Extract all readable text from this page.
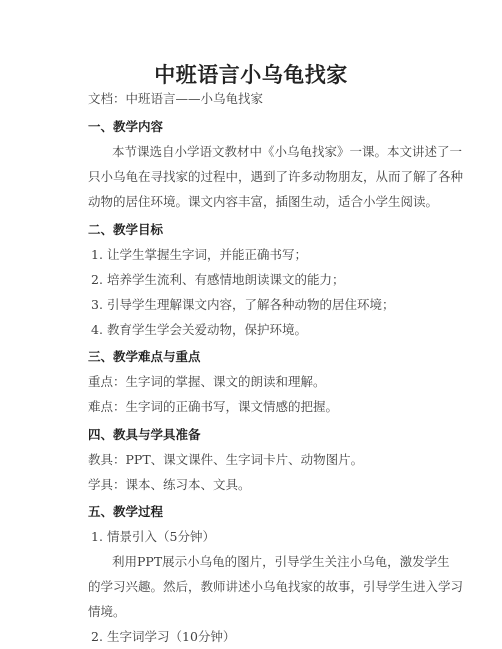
中班语言小乌龟找家
文档：中班语言——小乌龟找家
一、教学内容
本节课选自小学语文教材中《小乌龟找家》一课。本文讲述了一
只小乌龟在寻找家的过程中，遇到了许多动物朋友，从而了解了各种
动物的居住环境。课文内容丰富，插图生动，适合小学生阅读。
二、教学目标
1. 让学生掌握生字词，并能正确书写；
2. 培养学生流利、有感情地朗读课文的能力；
3. 引导学生理解课文内容，了解各种动物的居住环境；
4. 教育学生学会关爱动物，保护环境。
三、教学难点与重点
重点：生字词的掌握、课文的朗读和理解。
难点：生字词的正确书写，课文情感的把握。
四、教具与学具准备
教具：PPT、课文课件、生字词卡片、动物图片。
学具：课本、练习本、文具。
五、教学过程
1. 情景引入（5分钟）
利用PPT展示小乌龟的图片，引导学生关注小乌龟，激发学生
的学习兴趣。然后，教师讲述小乌龟找家的故事，引导学生进入学习
情境。
2. 生字词学习（10分钟）
